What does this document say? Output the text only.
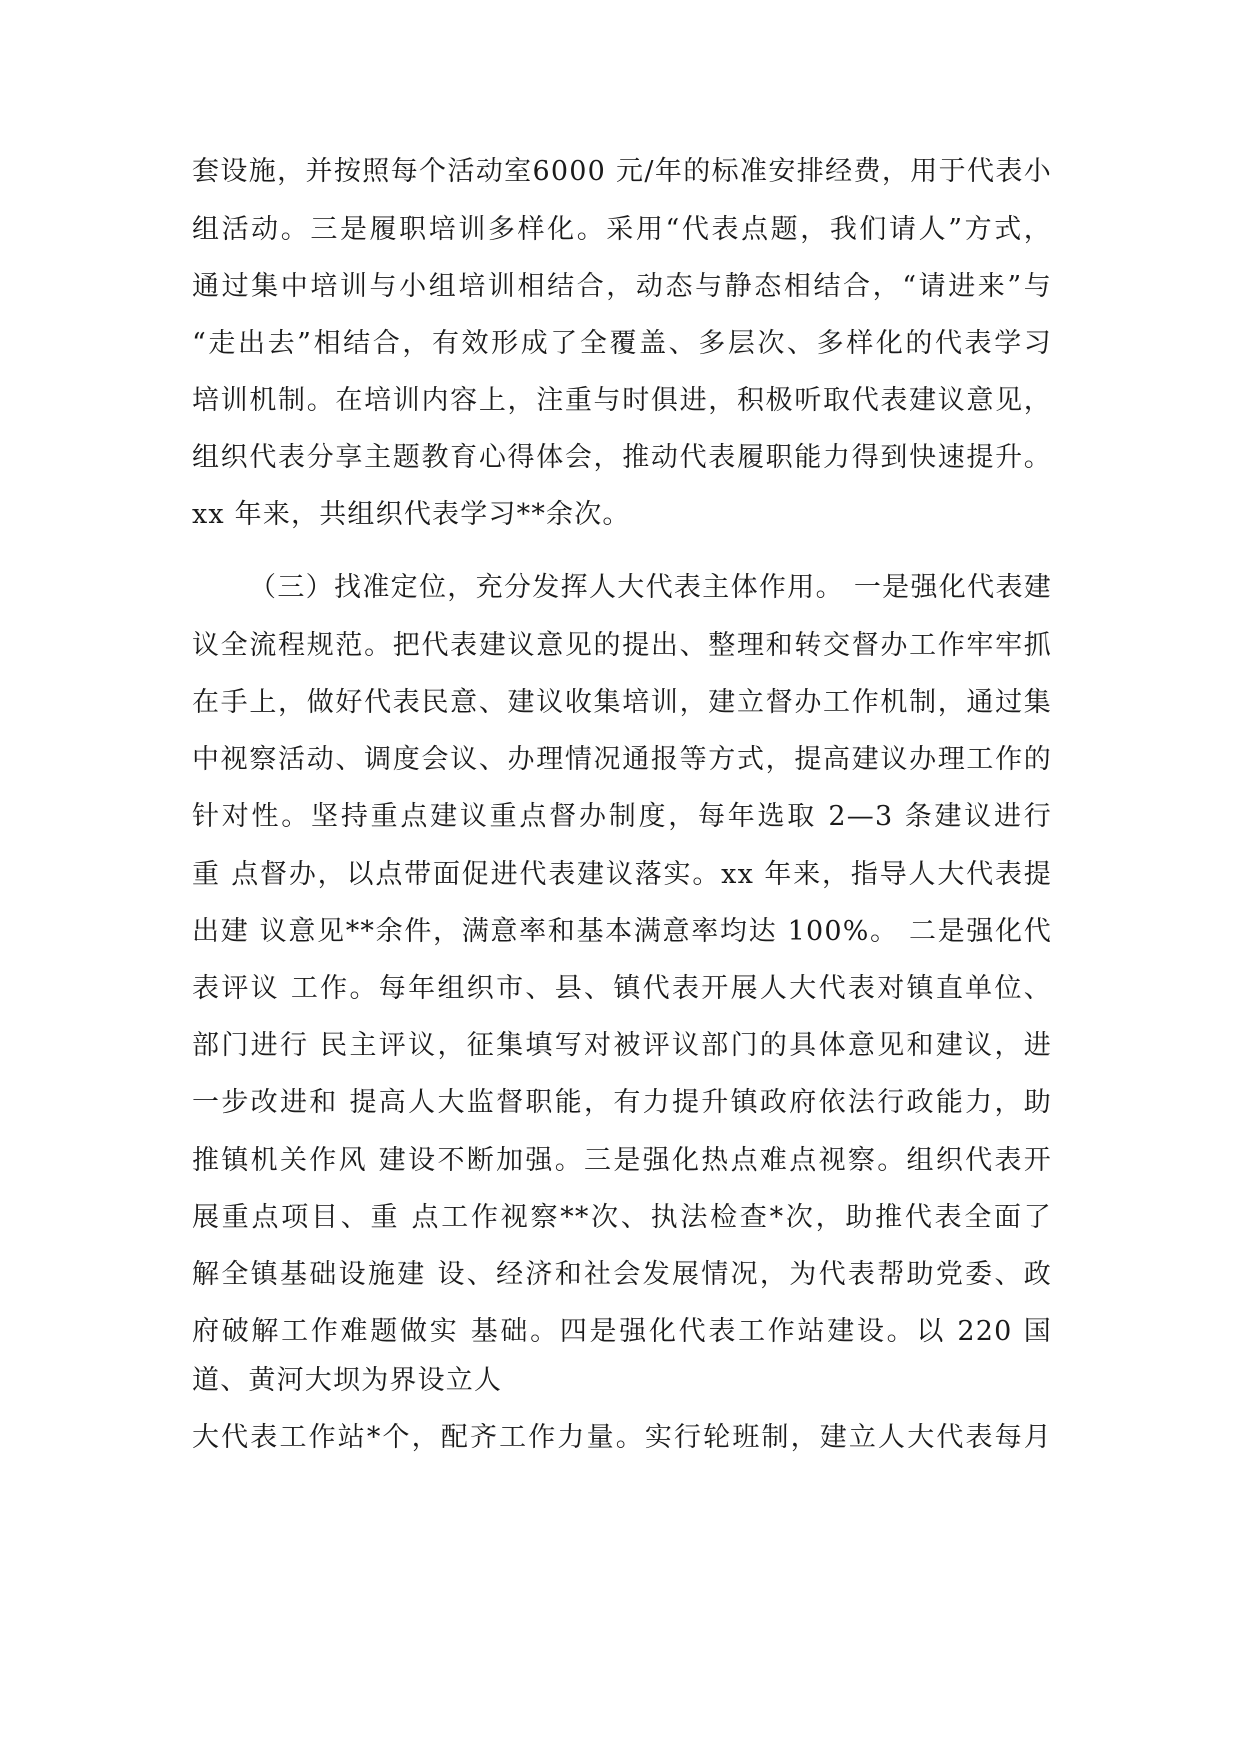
套设施，并按照每个活动室6000 元/年的标准安排经费，用于代表小
组活动。三是履职培训多样化。采用“代表点题，我们请人”方式，
通过集中培训与小组培训相结合，动态与静态相结合，“请进来”与
“走出去”相结合，有效形成了全覆盖、多层次、多样化的代表学习
培训机制。在培训内容上，注重与时俱进，积极听取代表建议意见，
组织代表分享主题教育心得体会，推动代表履职能力得到快速提升。
xx 年来，共组织代表学习**余次。
（三）找准定位，充分发挥人大代表主体作用。 一是强化代表建
议全流程规范。把代表建议意见的提出、整理和转交督办工作牢牢抓
在手上，做好代表民意、建议收集培训，建立督办工作机制，通过集
中视察活动、调度会议、办理情况通报等方式，提高建议办理工作的
针对性。坚持重点建议重点督办制度，每年选取 2—3 条建议进行
重 点督办，以点带面促进代表建议落实。xx 年来，指导人大代表提
出建 议意见**余件，满意率和基本满意率均达 100%。 二是强化代
表评议 工作。每年组织市、县、镇代表开展人大代表对镇直单位、
部门进行 民主评议，征集填写对被评议部门的具体意见和建议，进
一步改进和 提高人大监督职能，有力提升镇政府依法行政能力，助
推镇机关作风 建设不断加强。三是强化热点难点视察。组织代表开
展重点项目、重 点工作视察**次、执法检查*次，助推代表全面了
解全镇基础设施建 设、经济和社会发展情况，为代表帮助党委、政
府破解工作难题做实 基础。四是强化代表工作站建设。以 220 国
道、黄河大坝为界设立人
大代表工作站*个，配齐工作力量。实行轮班制，建立人大代表每月
